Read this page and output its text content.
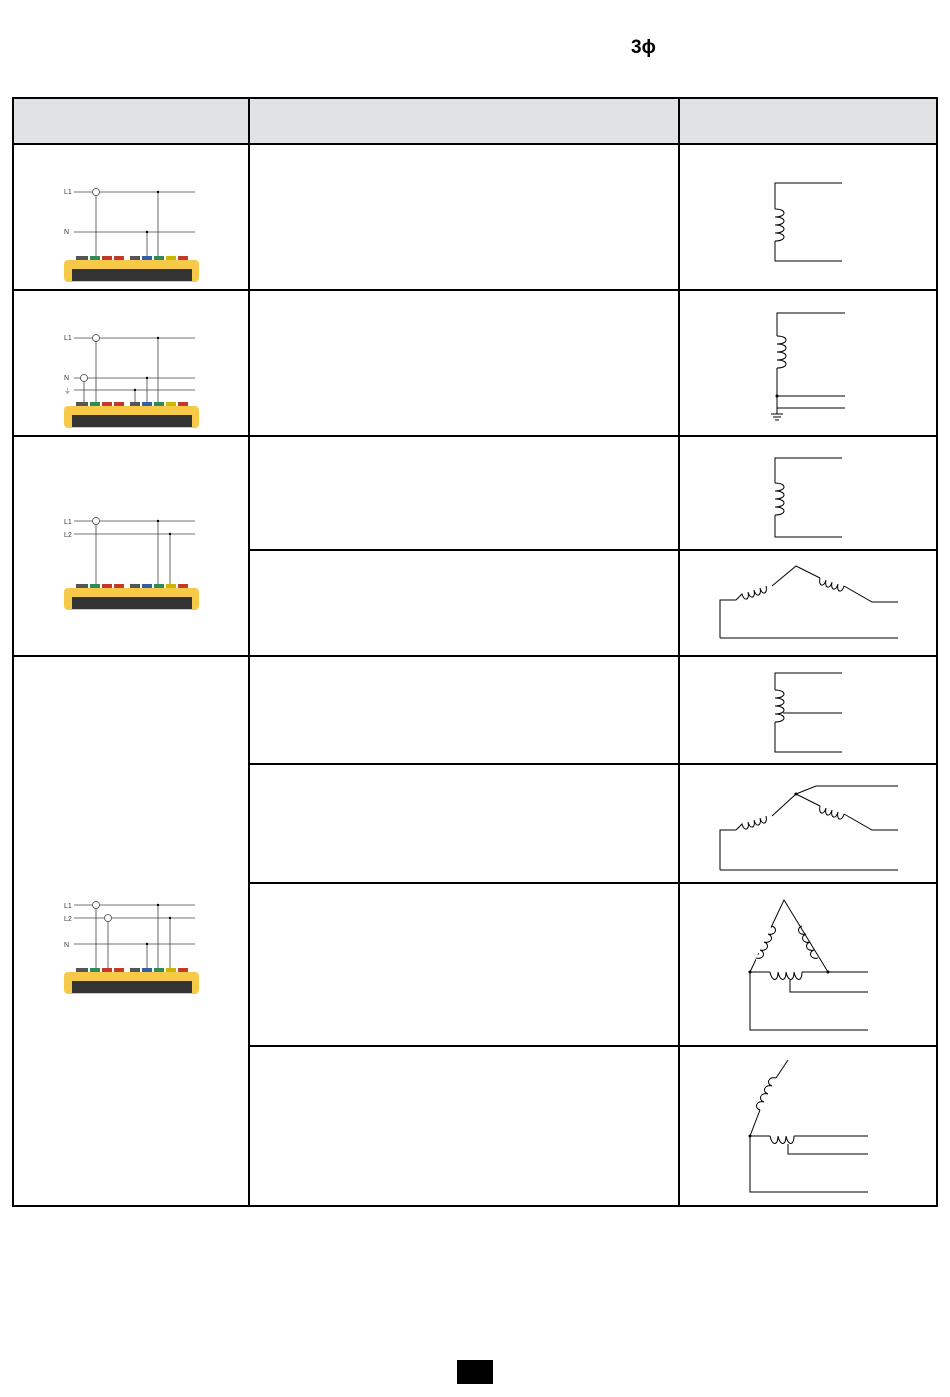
3ϕ
L1
N
L1
N
⏚
L1
L2
L1
L2
N
